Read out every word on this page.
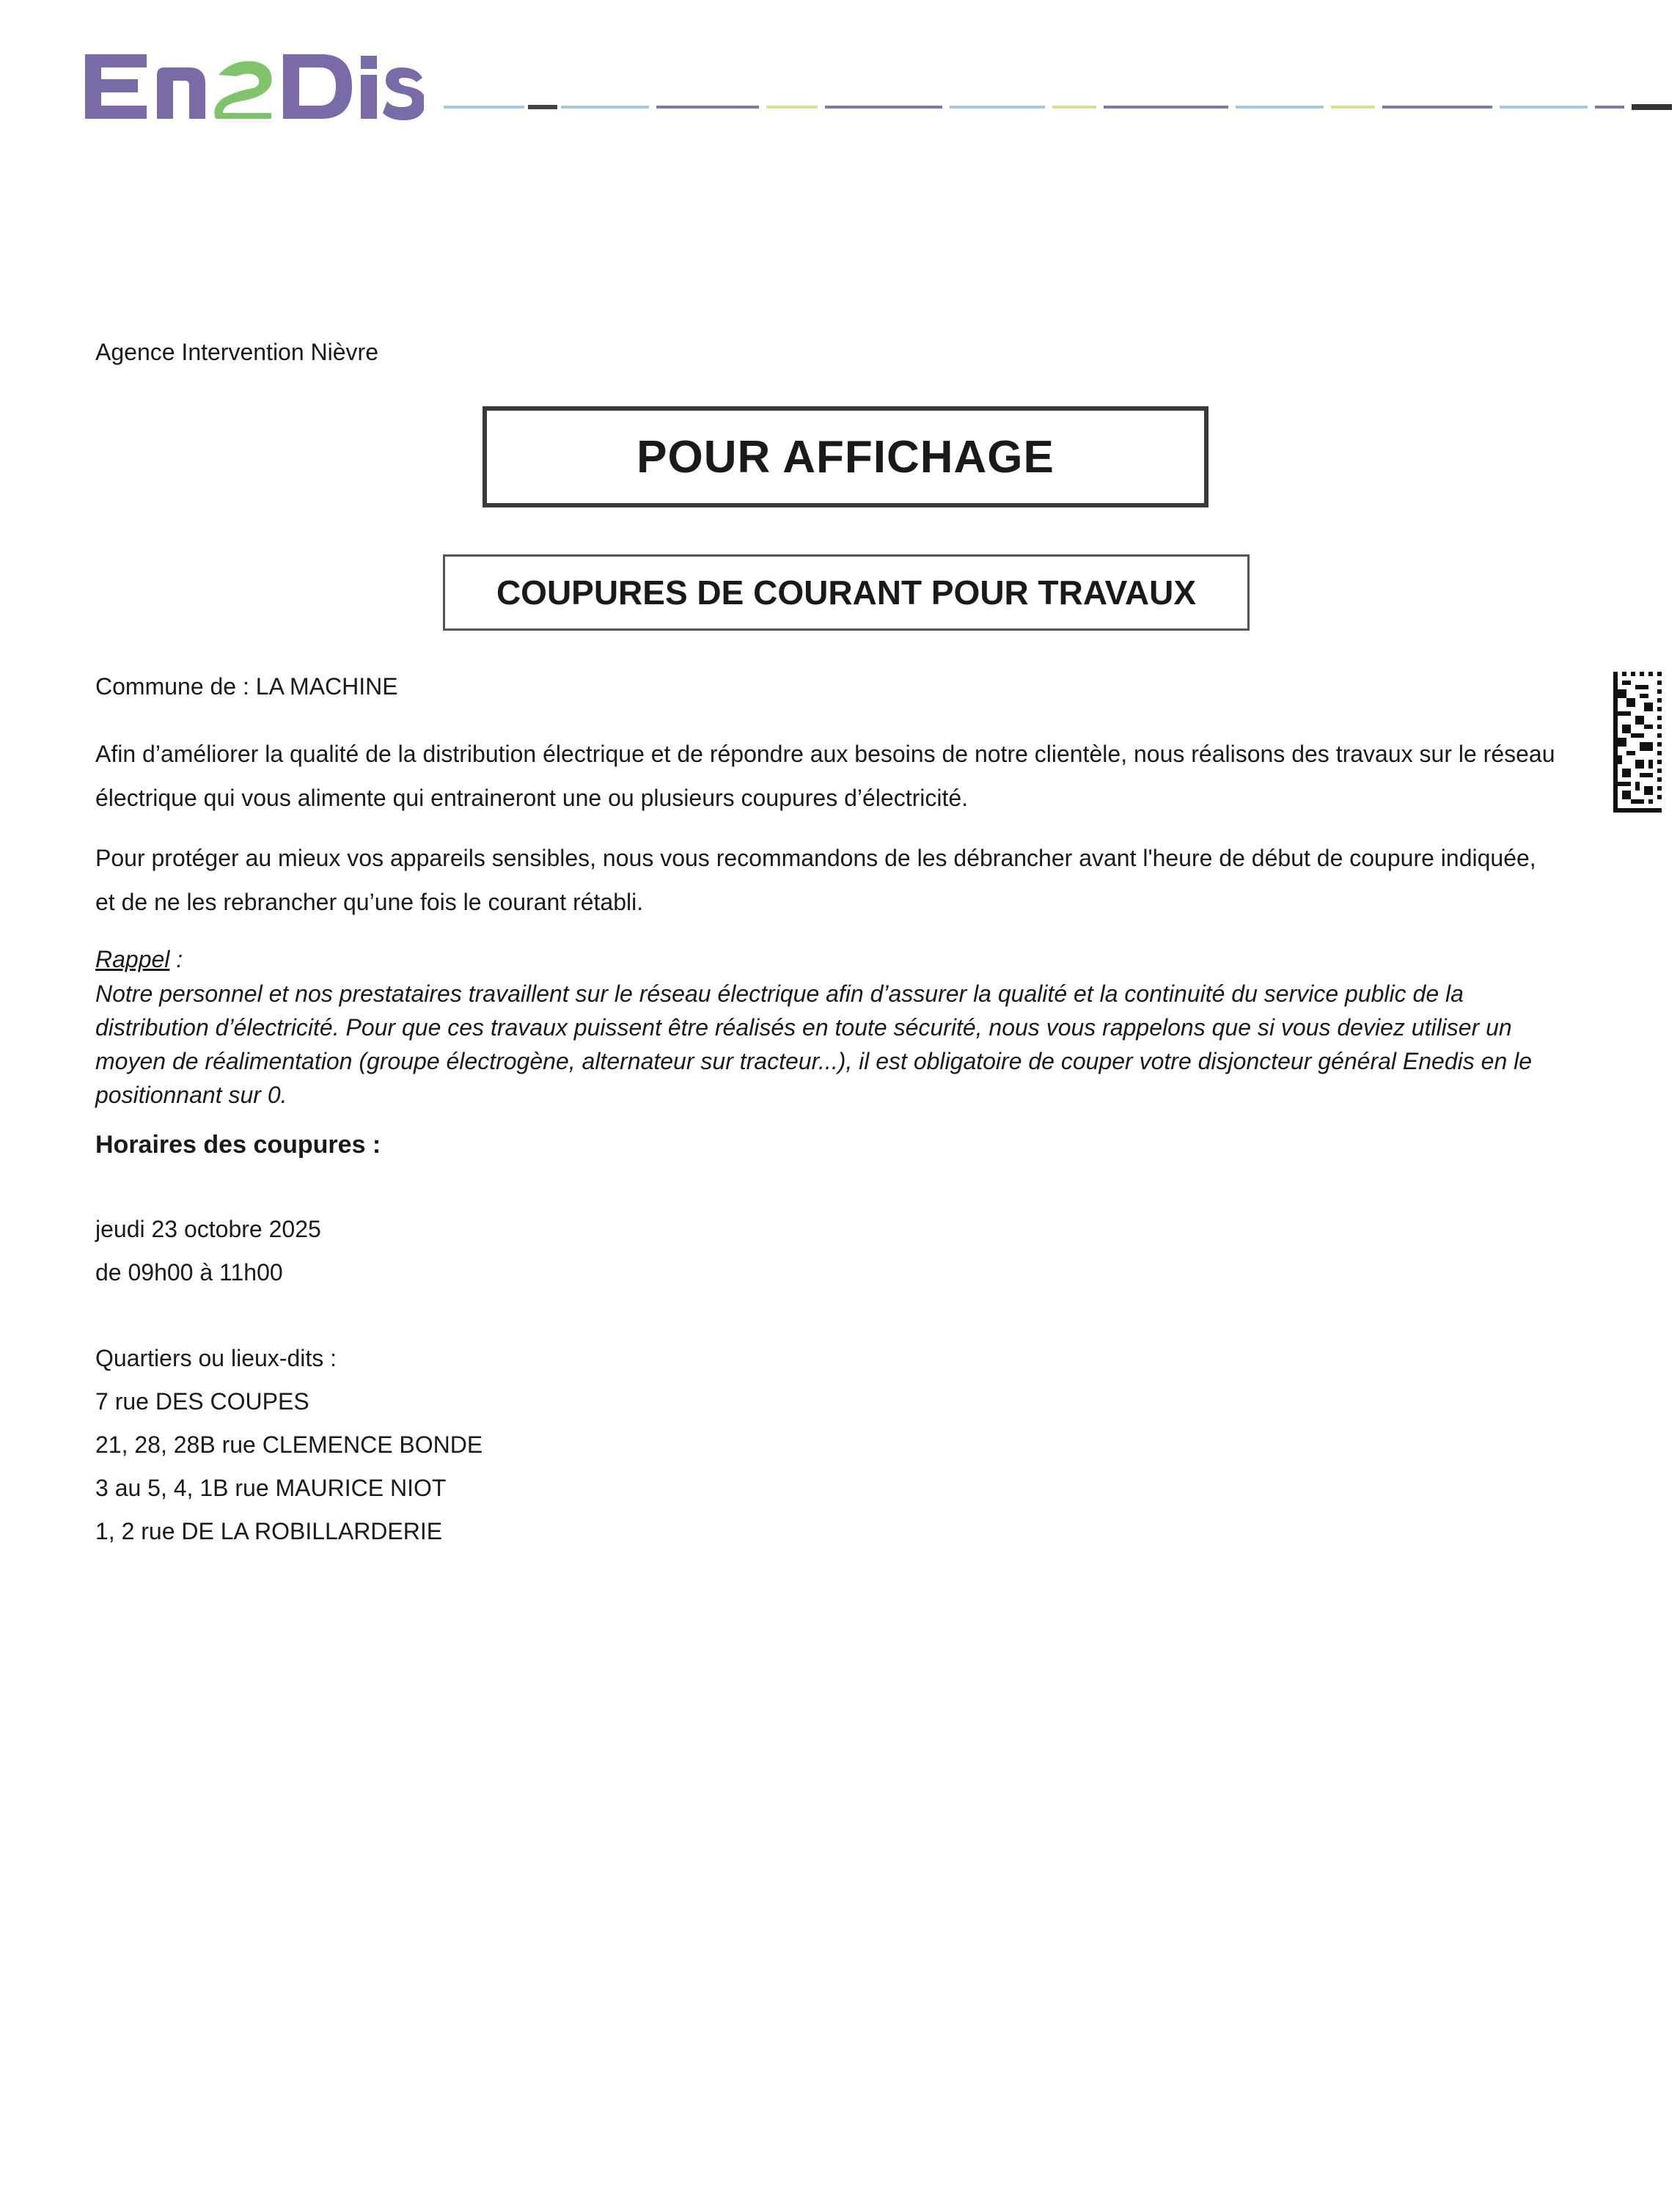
Agence Intervention Nièvre
POUR AFFICHAGE
COUPURES DE COURANT POUR TRAVAUX
Commune de : LA MACHINE
Afin d’améliorer la qualité de la distribution électrique et de répondre aux besoins de notre clientèle, nous réalisons des travaux sur le réseau électrique qui vous alimente qui entraineront une ou plusieurs coupures d’électricité.
Pour protéger au mieux vos appareils sensibles, nous vous recommandons de les débrancher avant l'heure de début de coupure indiquée, et de ne les rebrancher qu’une fois le courant rétabli.
Rappel :
Notre personnel et nos prestataires travaillent sur le réseau électrique afin d’assurer la qualité et la continuité du service public de la distribution d’électricité. Pour que ces travaux puissent être réalisés en toute sécurité, nous vous rappelons que si vous deviez utiliser un moyen de réalimentation (groupe électrogène, alternateur sur tracteur...), il est obligatoire de couper votre disjoncteur général Enedis en le positionnant sur 0.
Horaires des coupures :
jeudi 23 octobre 2025
de 09h00 à 11h00
Quartiers ou lieux-dits :
7 rue DES COUPES
21, 28, 28B rue CLEMENCE BONDE
3 au 5, 4, 1B rue MAURICE NIOT
1, 2 rue DE LA ROBILLARDERIE
